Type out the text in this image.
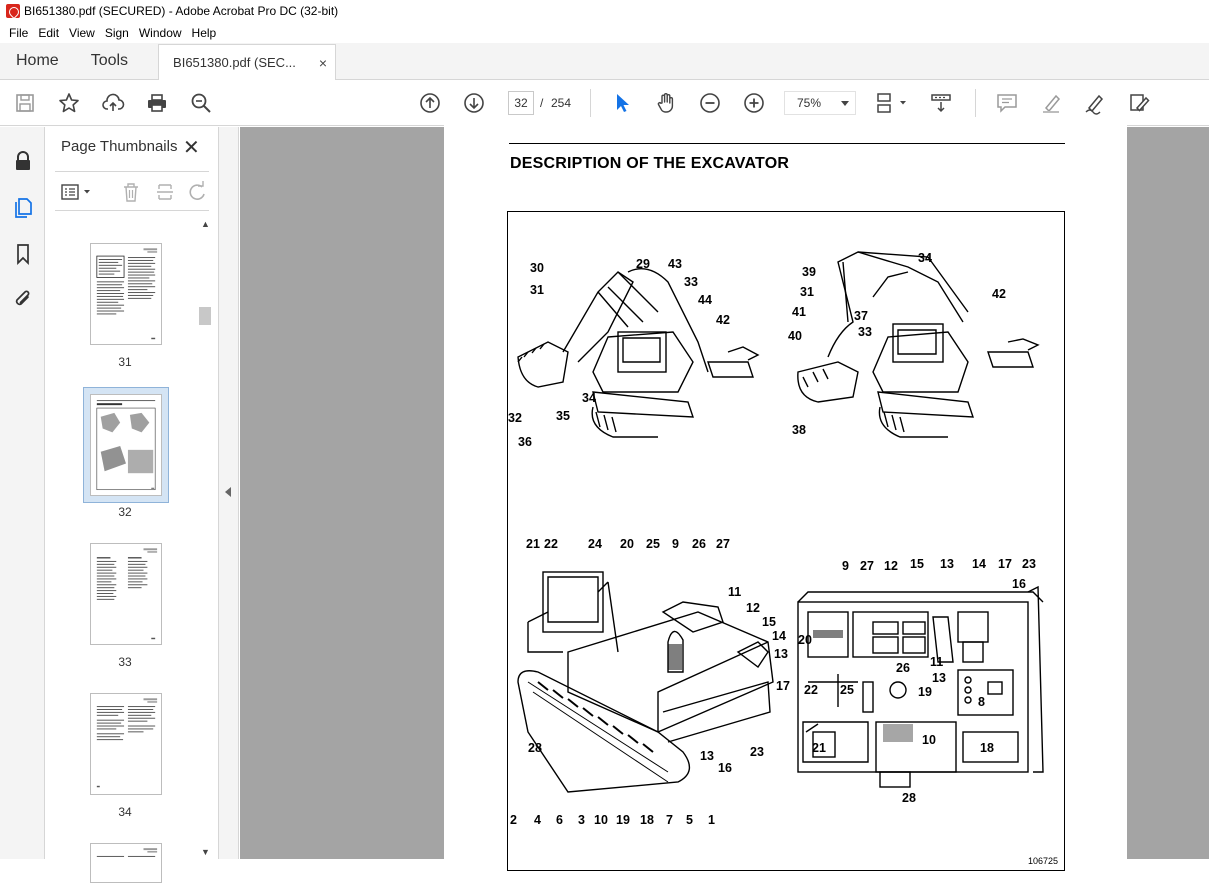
BI651380.pdf (SECURED) - Adobe Acrobat Pro DC (32-bit)
File Edit View Sign Window Help
Home	Tools	BI651380.pdf (SEC... ×
32	/ 254	75%
Page Thumbnails ✕
31
32
33
34
▲
▼
DESCRIPTION OF THE EXCAVATOR
30	29 43
31
33
44
42
32	35
34
36
34
39
31
41	37
42
40	33
38
21 22 24 20 25 9 26 27
11
12
15
14
13
17
28	23
13
16
2 4 6 3 10 19 18 7 5 1
9 27 12 15 13 14 17 23
16
20
11
26
13
19
22 25
8
21
10
18
28
106725
